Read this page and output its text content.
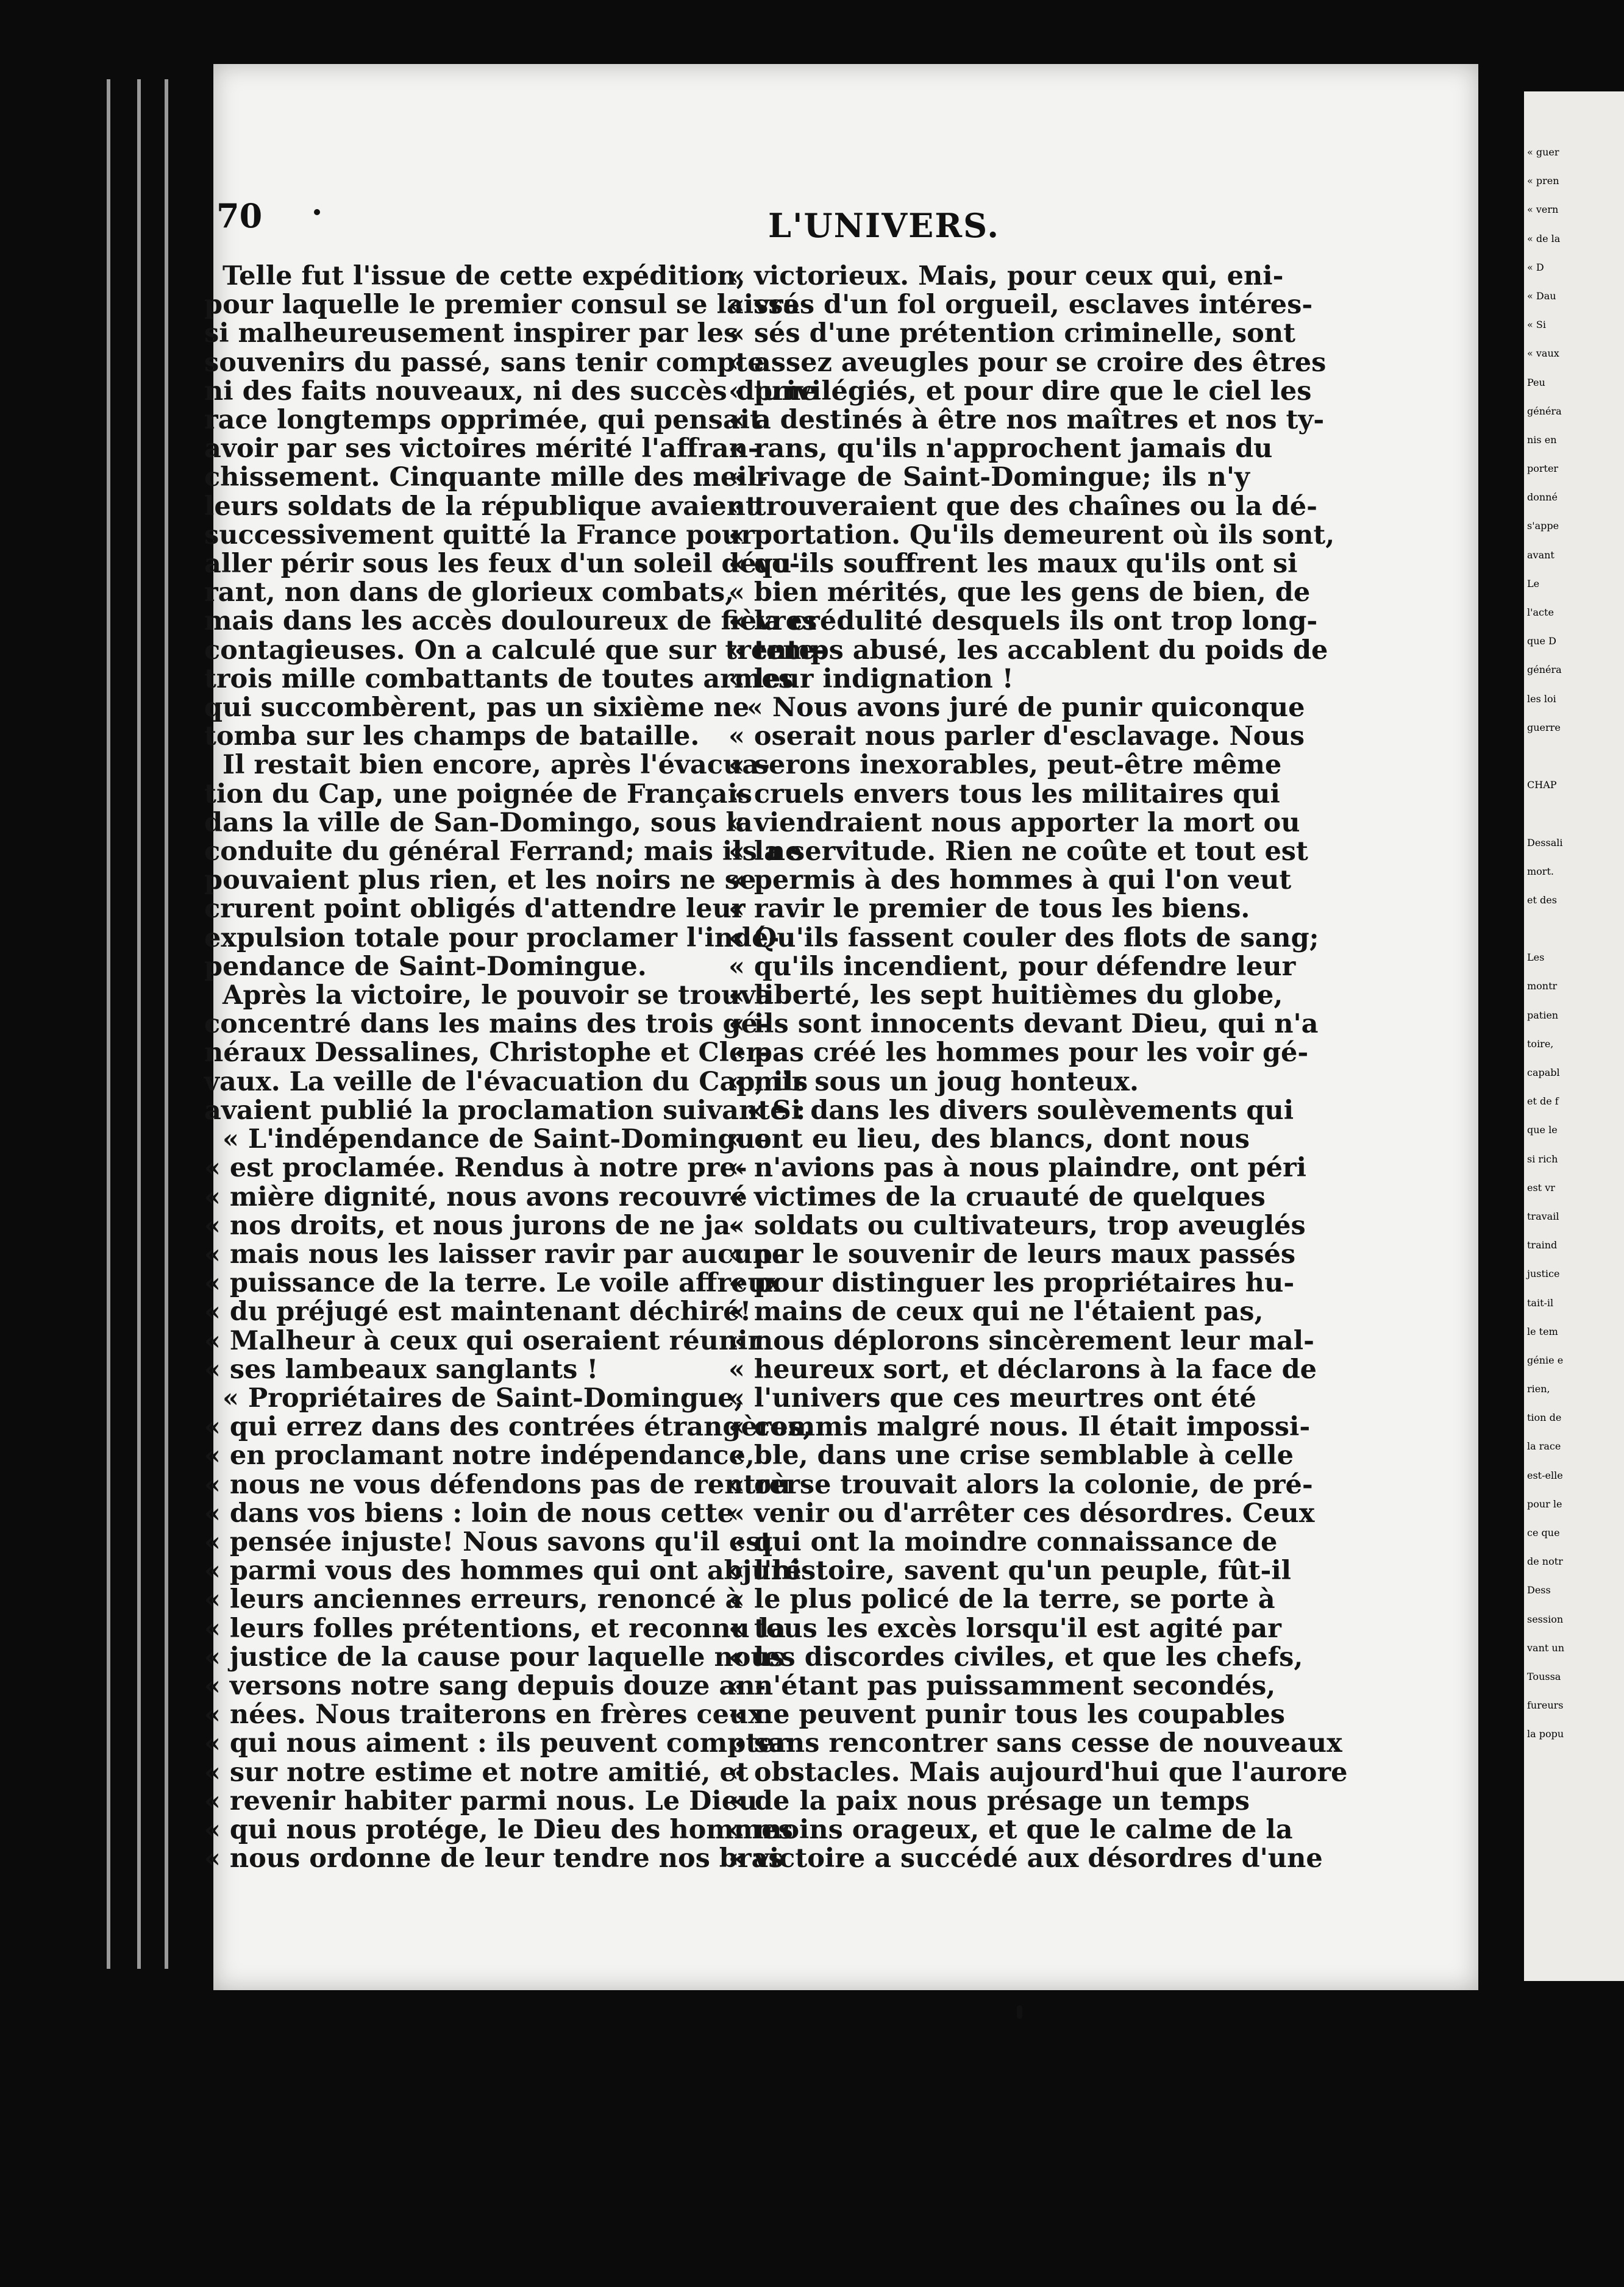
70	L'UNIVERS.

Telle fut l'issue de cette expédition,

pour laquelle le premier consul se laissa

si malheureusement inspirer par les

souvenirs du passé, sans tenir compte

ni des faits nouveaux, ni des succès d'une

race longtemps opprimée, qui pensait

avoir par ses victoires mérité l'affran-

chissement. Cinquante mille des meil-

leurs soldats de la république avaient

successivement quitté la France pour

aller périr sous les feux d'un soleil dévo-

rant, non dans de glorieux combats,

mais dans les accès douloureux de fièvres

contagieuses. On a calculé que sur trente-

trois mille combattants de toutes armes

qui succombèrent, pas un sixième ne

tomba sur les champs de bataille.

Il restait bien encore, après l'évacua-

tion du Cap, une poignée de Français

dans la ville de San-Domingo, sous la

conduite du général Ferrand; mais ils ne

pouvaient plus rien, et les noirs ne se

crurent point obligés d'attendre leur

expulsion totale pour proclamer l'indé-

pendance de Saint-Domingue.

Après la victoire, le pouvoir se trouva

concentré dans les mains des trois gé-

néraux Dessalines, Christophe et Cler-

vaux. La veille de l'évacuation du Cap, ils

avaient publié la proclamation suivante :

« L'indépendance de Saint-Domingue

« est proclamée. Rendus à notre pre-

« mière dignité, nous avons recouvré

« nos droits, et nous jurons de ne ja-

« mais nous les laisser ravir par aucune

« puissance de la terre. Le voile affreux

« du préjugé est maintenant déchiré!

« Malheur à ceux qui oseraient réunir

« ses lambeaux sanglants !

« Propriétaires de Saint-Domingue,

« qui errez dans des contrées étrangères,

« en proclamant notre indépendance,

« nous ne vous défendons pas de rentrer

« dans vos biens : loin de nous cette

« pensée injuste! Nous savons qu'il est

« parmi vous des hommes qui ont abjuré

« leurs anciennes erreurs, renoncé à

« leurs folles prétentions, et reconnu la

« justice de la cause pour laquelle nous

« versons notre sang depuis douze an-

« nées. Nous traiterons en frères ceux

« qui nous aiment : ils peuvent compter

« sur notre estime et notre amitié, et

« revenir habiter parmi nous. Le Dieu

« qui nous protége, le Dieu des hommes

« nous ordonne de leur tendre nos bras

« victorieux. Mais, pour ceux qui, eni-

« vrés d'un fol orgueil, esclaves intéres-

« sés d'une prétention criminelle, sont

« assez aveugles pour se croire des êtres

« privilégiés, et pour dire que le ciel les

« a destinés à être nos maîtres et nos ty-

« rans, qu'ils n'approchent jamais du

« rivage de Saint-Domingue; ils n'y

« trouveraient que des chaînes ou la dé-

« portation. Qu'ils demeurent où ils sont,

« qu'ils souffrent les maux qu'ils ont si

« bien mérités, que les gens de bien, de

« la crédulité desquels ils ont trop long-

« temps abusé, les accablent du poids de

« leur indignation !

« Nous avons juré de punir quiconque

« oserait nous parler d'esclavage. Nous

« serons inexorables, peut-être même

« cruels envers tous les militaires qui

« viendraient nous apporter la mort ou

« la servitude. Rien ne coûte et tout est

« permis à des hommes à qui l'on veut

« ravir le premier de tous les biens.

« Qu'ils fassent couler des flots de sang;

« qu'ils incendient, pour défendre leur

« liberté, les sept huitièmes du globe,

« ils sont innocents devant Dieu, qui n'a

« pas créé les hommes pour les voir gé-

« mir sous un joug honteux.

« Si dans les divers soulèvements qui

« ont eu lieu, des blancs, dont nous

« n'avions pas à nous plaindre, ont péri

« victimes de la cruauté de quelques

« soldats ou cultivateurs, trop aveuglés

« par le souvenir de leurs maux passés

« pour distinguer les propriétaires hu-

« mains de ceux qui ne l'étaient pas,

« nous déplorons sincèrement leur mal-

« heureux sort, et déclarons à la face de

« l'univers que ces meurtres ont été

« commis malgré nous. Il était impossi-

« ble, dans une crise semblable à celle

« où se trouvait alors la colonie, de pré-

« venir ou d'arrêter ces désordres. Ceux

« qui ont la moindre connaissance de

« l'histoire, savent qu'un peuple, fût-il

« le plus policé de la terre, se porte à

« tous les excès lorsqu'il est agité par

« les discordes civiles, et que les chefs,

« n'étant pas puissamment secondés,

« ne peuvent punir tous les coupables

« sans rencontrer sans cesse de nouveaux

« obstacles. Mais aujourd'hui que l'aurore

« de la paix nous présage un temps

« moins orageux, et que le calme de la

« victoire a succédé aux désordres d'une

« guer
« pren
« vern
« de la
« D
« Dau
« Si
« vaux
Peu
généra
nis en
porter
donné
s'appe
avant
Le
l'acte
que D
généra
les loi
guerre
CHAP
Dessali
mort.
et des
Les
montr
patien
toire,
capabl
et de f
que le
si rich
est vr
travail
traind
justice
tait-il
le tem
génie e
rien,
tion de
la race
est-elle
pour le
ce que
de notr
Dess
session
vant un
Toussa
fureurs
la popu
